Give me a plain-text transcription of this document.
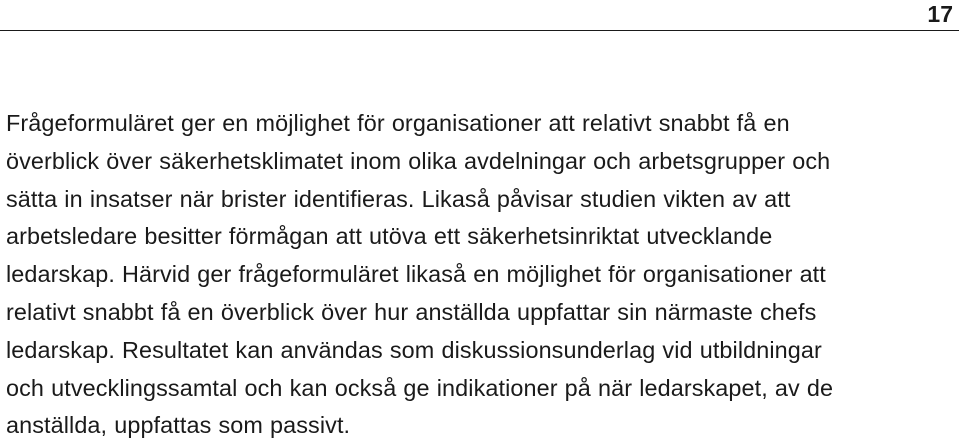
17

Frågeformuläret ger en möjlighet för organisationer att relativt snabbt få en
överblick över säkerhetsklimatet inom olika avdelningar och arbetsgrupper och
sätta in insatser när brister identifieras. Likaså påvisar studien vikten av att
arbetsledare besitter förmågan att utöva ett säkerhetsinriktat utvecklande
ledarskap. Härvid ger frågeformuläret likaså en möjlighet för organisationer att
relativt snabbt få en överblick över hur anställda uppfattar sin närmaste chefs
ledarskap. Resultatet kan användas som diskussionsunderlag vid utbildningar
och utvecklingssamtal och kan också ge indikationer på när ledarskapet, av de
anställda, uppfattas som passivt.
